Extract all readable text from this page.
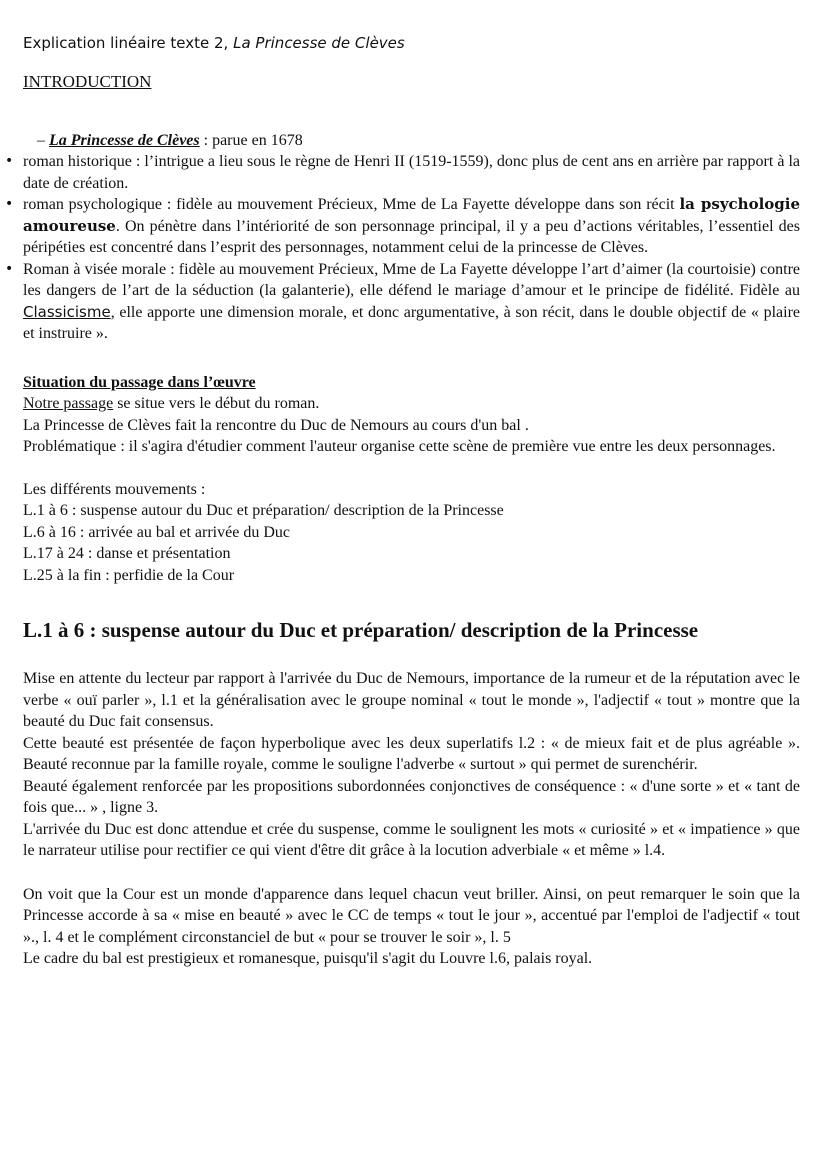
Explication linéaire texte 2, La Princesse de Clèves
INTRODUCTION
– La Princesse de Clèves : parue en 1678
• roman historique : l’intrigue a lieu sous le règne de Henri II (1519-1559), donc plus de cent ans en arrière par rapport à la date de création.
• roman psychologique : fidèle au mouvement Précieux, Mme de La Fayette développe dans son récit la psychologie amoureuse. On pénètre dans l’intériorité de son personnage principal, il y a peu d’actions véritables, l’essentiel des péripéties est concentré dans l’esprit des personnages, notamment celui de la princesse de Clèves.
• Roman à visée morale : fidèle au mouvement Précieux, Mme de La Fayette développe l’art d’aimer (la courtoisie) contre les dangers de l’art de la séduction (la galanterie), elle défend le mariage d’amour et le principe de fidélité. Fidèle au Classicisme, elle apporte une dimension morale, et donc argumentative, à son récit, dans le double objectif de « plaire et instruire ».
Situation du passage dans l’œuvre
Notre passage se situe vers le début du roman.
La Princesse de Clèves fait la rencontre du Duc de Nemours au cours d'un bal .

Problématique : il s'agira d'étudier comment l'auteur organise cette scène de première vue entre les deux personnages.

Les différents mouvements :
L.1 à 6 : suspense autour du Duc et préparation/ description de la Princesse
L.6 à 16 : arrivée au bal et arrivée du Duc
L.17 à 24 : danse et présentation
L.25 à la fin : perfidie de la Cour
L.1 à 6 : suspense autour du Duc et préparation/ description de la Princesse

Mise en attente du lecteur par rapport à l'arrivée du Duc de Nemours, importance de la rumeur et de la réputation avec le verbe « ouï parler », l.1 et la généralisation avec le groupe nominal « tout le monde », l'adjectif « tout » montre que la beauté du Duc fait consensus.

Cette beauté est présentée de façon hyperbolique avec les deux superlatifs l.2 : « de mieux fait et de plus agréable ». Beauté reconnue par la famille royale, comme le souligne l'adverbe « surtout » qui permet de surenchérir.

Beauté également renforcée par les propositions subordonnées conjonctives de conséquence : « d'une sorte » et « tant de fois que... » , ligne 3.

L'arrivée du Duc est donc attendue et crée du suspense, comme le soulignent les mots « curiosité » et « impatience » que le narrateur utilise pour rectifier ce qui vient d'être dit grâce à la locution adverbiale « et même » l.4.

On voit que la Cour est un monde d'apparence dans lequel chacun veut briller. Ainsi, on peut remarquer le soin que la Princesse accorde à sa « mise en beauté » avec le CC de temps « tout le jour », accentué par l'emploi de l'adjectif « tout »., l. 4 et le complément circonstanciel de but « pour se trouver le soir », l. 5

Le cadre du bal est prestigieux et romanesque, puisqu'il s'agit du Louvre l.6, palais royal.
